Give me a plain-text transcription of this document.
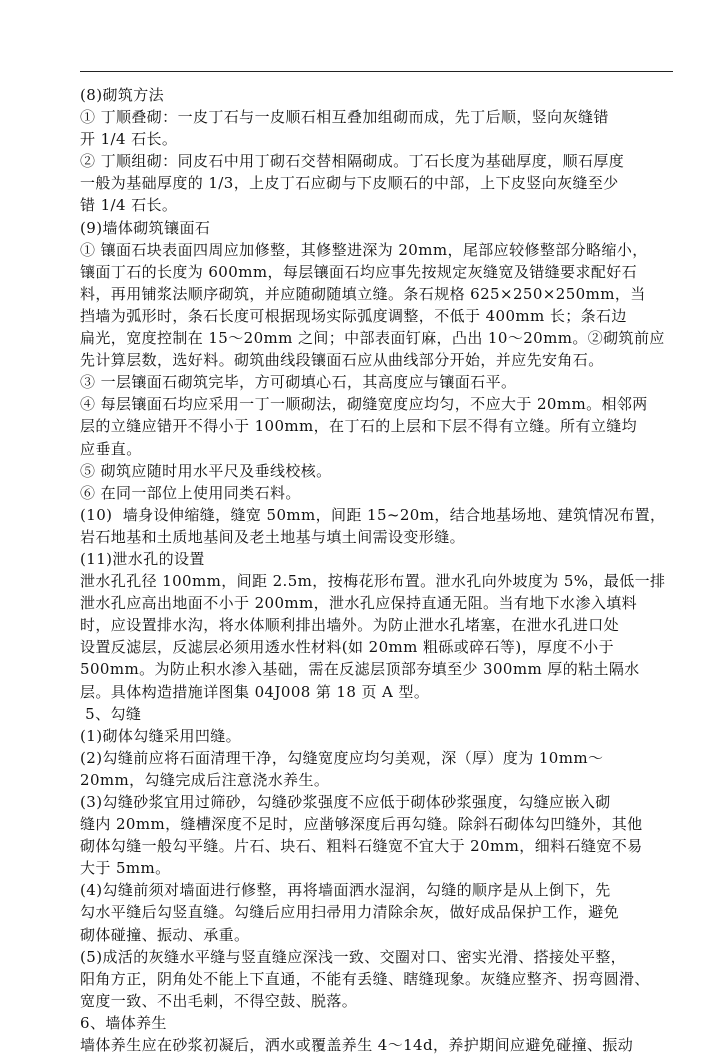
(8)砌筑方法
① 丁顺叠砌：一皮丁石与一皮顺石相互叠加组砌而成，先丁后顺，竖向灰缝错
开 1/4 石长。
② 丁顺组砌：同皮石中用丁砌石交替相隔砌成。丁石长度为基础厚度，顺石厚度
一般为基础厚度的 1/3，上皮丁石应砌与下皮顺石的中部，上下皮竖向灰缝至少
错 1/4 石长。
(9)墙体砌筑镶面石
① 镶面石块表面四周应加修整，其修整进深为 20mm，尾部应较修整部分略缩小，
镶面丁石的长度为 600mm，每层镶面石均应事先按规定灰缝宽及错缝要求配好石
料，再用铺浆法顺序砌筑，并应随砌随填立缝。条石规格 625×250×250mm，当
挡墙为弧形时，条石长度可根据现场实际弧度调整，不低于 400mm 长；条石边
扁光，宽度控制在 15～20mm 之间；中部表面钉麻，凸出 10～20mm。②砌筑前应
先计算层数，选好料。砌筑曲线段镶面石应从曲线部分开始，并应先安角石。
③ 一层镶面石砌筑完毕，方可砌填心石，其高度应与镶面石平。
④ 每层镶面石均应采用一丁一顺砌法，砌缝宽度应均匀，不应大于 20mm。相邻两
层的立缝应错开不得小于 100mm，在丁石的上层和下层不得有立缝。所有立缝均
应垂直。
⑤ 砌筑应随时用水平尺及垂线校核。
⑥ 在同一部位上使用同类石料。
(10)  墙身设伸缩缝，缝宽 50mm，间距 15~20m，结合地基场地、建筑情况布置，
岩石地基和土质地基间及老土地基与填土间需设变形缝。
(11)泄水孔的设置
泄水孔孔径 100mm，间距 2.5m，按梅花形布置。泄水孔向外坡度为 5%，最低一排
泄水孔应高出地面不小于 200mm，泄水孔应保持直通无阻。当有地下水渗入填料
时，应设置排水沟，将水体顺利排出墙外。为防止泄水孔堵塞，在泄水孔进口处
设置反滤层，反滤层必须用透水性材料(如 20mm 粗砾或碎石等)，厚度不小于
500mm。为防止积水渗入基础，需在反滤层顶部夯填至少 300mm 厚的粘土隔水
层。具体构造措施详图集 04J008 第 18 页 A 型。
5、勾缝
(1)砌体勾缝采用凹缝。
(2)勾缝前应将石面清理干净，勾缝宽度应均匀美观，深（厚）度为 10mm～
20mm，勾缝完成后注意浇水养生。
(3)勾缝砂浆宜用过筛砂，勾缝砂浆强度不应低于砌体砂浆强度，勾缝应嵌入砌
缝内 20mm，缝槽深度不足时，应凿够深度后再勾缝。除斜石砌体勾凹缝外，其他
砌体勾缝一般勾平缝。片石、块石、粗料石缝宽不宜大于 20mm，细料石缝宽不易
大于 5mm。
(4)勾缝前须对墙面进行修整，再将墙面洒水湿润，勾缝的顺序是从上倒下，先
勾水平缝后勾竖直缝。勾缝后应用扫帚用力清除余灰，做好成品保护工作，避免
砌体碰撞、振动、承重。
(5)成活的灰缝水平缝与竖直缝应深浅一致、交圈对口、密实光滑、搭接处平整，
阳角方正，阴角处不能上下直通，不能有丢缝、瞎缝现象。灰缝应整齐、拐弯圆滑、
宽度一致、不出毛刺，不得空鼓、脱落。
6、墙体养生
墙体养生应在砂浆初凝后，洒水或覆盖养生 4～14d，养护期间应避免碰撞、振动
